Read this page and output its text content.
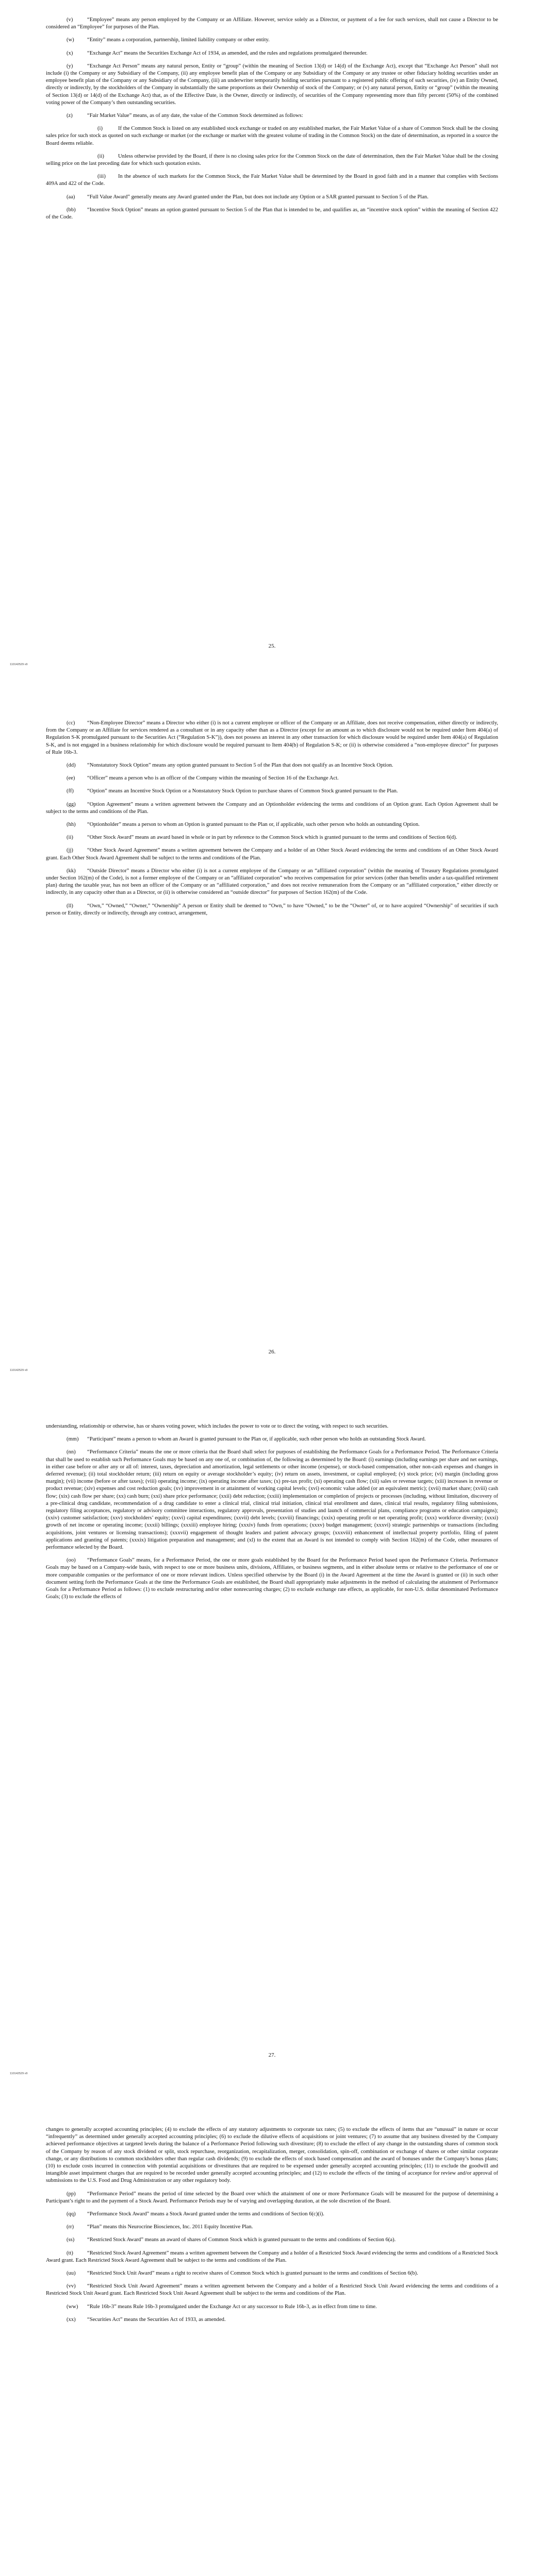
(v)	“Employee” means any person employed by the Company or an Affiliate. However, service solely as a Director, or payment of a fee for such services, shall not cause a Director to be considered an “Employee” for purposes of the Plan.

(w) “Entity” means a corporation, partnership, limited liability company or other entity.

(x)	“Exchange Act” means the Securities Exchange Act of 1934, as amended, and the rules and regulations promulgated thereunder.

(y)	“Exchange Act Person” means any natural person, Entity or “group” (within the meaning of Section 13(d) or 14(d) of the Exchange Act), except that “Exchange Act Person” shall not include (i) the Company or any Subsidiary of the Company, (ii) any employee benefit plan of the Company or any Subsidiary of the Company or any trustee or other fiduciary holding securities under an employee benefit plan of the Company or any Subsidiary of the Company, (iii) an underwriter temporarily holding securities pursuant to a registered public offering of such securities, (iv) an Entity Owned, directly or indirectly, by the stockholders of the Company in substantially the same proportions as their Ownership of stock of the Company; or (v) any natural person, Entity or “group” (within the meaning of Section 13(d) or 14(d) of the Exchange Act) that, as of the Effective Date, is the Owner, directly or indirectly, of securities of the Company representing more than fifty percent (50%) of the combined voting power of the Company’s then outstanding securities.

(z)	“Fair Market Value” means, as of any date, the value of the Common Stock determined as follows:

(i)	If the Common Stock is listed on any established stock exchange or traded on any established market, the Fair Market Value of a share of Common Stock shall be the closing sales price for such stock as quoted on such exchange or market (or the exchange or market with the greatest volume of trading in the Common Stock) on the date of determination, as reported in a source the Board deems reliable.

(ii)	Unless otherwise provided by the Board, if there is no closing sales price for the Common Stock on the date of determination, then the Fair Market Value shall be the closing selling price on the last preceding date for which such quotation exists.

(iii) In the absence of such markets for the Common Stock, the Fair Market Value shall be determined by the Board in good faith and in a manner that complies with Sections 409A and 422 of the Code.

(aa) “Full Value Award” generally means any Award granted under the Plan, but does not include any Option or a SAR granted pursuant to Section 5 of the Plan.

(bb) “Incentive Stock Option” means an option granted pursuant to Section 5 of the Plan that is intended to be, and qualifies as, an “incentive stock option” within the meaning of Section 422 of the Code.

25.
110142529 v9

(cc) “Non-Employee Director” means a Director who either (i) is not a current employee or officer of the Company or an Affiliate, does not receive compensation, either directly or indirectly, from the Company or an Affiliate for services rendered as a consultant or in any capacity other than as a Director (except for an amount as to which disclosure would not be required under Item 404(a) of Regulation S-K promulgated pursuant to the Securities Act (“Regulation S-K”)), does not possess an interest in any other transaction for which disclosure would be required under Item 404(a) of Regulation S-K, and is not engaged in a business relationship for which disclosure would be required pursuant to Item 404(b) of Regulation S-K; or (ii) is otherwise considered a “non-employee director” for purposes of Rule 16b-3.

(dd) “Nonstatutory Stock Option” means any option granted pursuant to Section 5 of the Plan that does not qualify as an Incentive Stock Option.

(ee) “Officer” means a person who is an officer of the Company within the meaning of Section 16 of the Exchange Act.

(ff) “Option” means an Incentive Stock Option or a Nonstatutory Stock Option to purchase shares of Common Stock granted pursuant to the Plan.

(gg) “Option Agreement” means a written agreement between the Company and an Optionholder evidencing the terms and conditions of an Option grant. Each Option Agreement shall be subject to the terms and conditions of the Plan.

(hh) “Optionholder” means a person to whom an Option is granted pursuant to the Plan or, if applicable, such other person who holds an outstanding Option.

(ii)	“Other Stock Award” means an award based in whole or in part by reference to the Common Stock which is granted pursuant to the terms and conditions of Section 6(d).

(jj)	“Other Stock Award Agreement” means a written agreement between the Company and a holder of an Other Stock Award evidencing the terms and conditions of an Other Stock Award grant. Each Other Stock Award Agreement shall be subject to the terms and conditions of the Plan.

(kk) “Outside Director” means a Director who either (i) is not a current employee of the Company or an “affiliated corporation” (within the meaning of Treasury Regulations promulgated under Section 162(m) of the Code), is not a former employee of the Company or an “affiliated corporation” who receives compensation for prior services (other than benefits under a tax-qualified retirement plan) during the taxable year, has not been an officer of the Company or an “affiliated corporation,” and does not receive remuneration from the Company or an “affiliated corporation,” either directly or indirectly, in any capacity other than as a Director, or (ii) is otherwise considered an “outside director” for purposes of Section 162(m) of the Code.

(ll)	“Own,” “Owned,” “Owner,” “Ownership” A person or Entity shall be deemed to “Own,” to have “Owned,” to be the “Owner” of, or to have acquired “Ownership” of securities if such person or Entity, directly or indirectly, through any contract, arrangement,

26.
110142529 v9

understanding, relationship or otherwise, has or shares voting power, which includes the power to vote or to direct the voting, with respect to such securities.

(mm) “Participant” means a person to whom an Award is granted pursuant to the Plan or, if applicable, such other person who holds an outstanding Stock Award.

(nn) “Performance Criteria” means the one or more criteria that the Board shall select for purposes of establishing the Performance Goals for a Performance Period. The Performance Criteria that shall be used to establish such Performance Goals may be based on any one of, or combination of, the following as determined by the Board: (i) earnings (including earnings per share and net earnings, in either case before or after any or all of: interest, taxes, depreciation and amortization, legal settlements or other income (expense), or stock-based compensation, other non-cash expenses and changes in deferred revenue); (ii) total stockholder return; (iii) return on equity or average stockholder’s equity; (iv) return on assets, investment, or capital employed; (v) stock price; (vi) margin (including gross margin); (vii) income (before or after taxes); (viii) operating income; (ix) operating income after taxes; (x) pre-tax profit; (xi) operating cash flow; (xii) sales or revenue targets; (xiii) increases in revenue or product revenue; (xiv) expenses and cost reduction goals; (xv) improvement in or attainment of working capital levels; (xvi) economic value added (or an equivalent metric); (xvii) market share; (xviii) cash flow; (xix) cash flow per share; (xx) cash burn; (xxi) share price performance; (xxii) debt reduction; (xxiii) implementation or completion of projects or processes (including, without limitation, discovery of a pre-clinical drug candidate, recommendation of a drug candidate to enter a clinical trial, clinical trial initiation, clinical trial enrollment and dates, clinical trial results, regulatory filing submissions, regulatory filing acceptances, regulatory or advisory committee interactions, regulatory approvals, presentation of studies and launch of commercial plans, compliance programs or education campaigns); (xxiv) customer satisfaction; (xxv) stockholders’ equity; (xxvi) capital expenditures; (xxvii) debt levels; (xxviii) financings; (xxix) operating profit or net operating profit; (xxx) workforce diversity; (xxxi) growth of net income or operating income; (xxxii) billings; (xxxiii) employee hiring; (xxxiv) funds from operations; (xxxv) budget management; (xxxvi) strategic partnerships or transactions (including acquisitions, joint ventures or licensing transactions); (xxxvii) engagement of thought leaders and patient advocacy groups; (xxxviii) enhancement of intellectual property portfolio, filing of patent applications and granting of patents; (xxxix) litigation preparation and management; and (xl) to the extent that an Award is not intended to comply with Section 162(m) of the Code, other measures of performance selected by the Board.

(oo) “Performance Goals” means, for a Performance Period, the one or more goals established by the Board for the Performance Period based upon the Performance Criteria. Performance Goals may be based on a Company-wide basis, with respect to one or more business units, divisions, Affiliates, or business segments, and in either absolute terms or relative to the performance of one or more comparable companies or the performance of one or more relevant indices. Unless specified otherwise by the Board (i) in the Award Agreement at the time the Award is granted or (ii) in such other document setting forth the Performance Goals at the time the Performance Goals are established, the Board shall appropriately make adjustments in the method of calculating the attainment of Performance Goals for a Performance Period as follows: (1) to exclude restructuring and/or other nonrecurring charges; (2) to exclude exchange rate effects, as applicable, for non-U.S. dollar denominated Performance Goals; (3) to exclude the effects of

27.
110142529 v9

changes to generally accepted accounting principles; (4) to exclude the effects of any statutory adjustments to corporate tax rates; (5) to exclude the effects of items that are “unusual” in nature or occur “infrequently” as determined under generally accepted accounting principles; (6) to exclude the dilutive effects of acquisitions or joint ventures; (7) to assume that any business divested by the Company achieved performance objectives at targeted levels during the balance of a Performance Period following such divestiture; (8) to exclude the effect of any change in the outstanding shares of common stock of the Company by reason of any stock dividend or split, stock repurchase, reorganization, recapitalization, merger, consolidation, spin-off, combination or exchange of shares or other similar corporate change, or any distributions to common stockholders other than regular cash dividends; (9) to exclude the effects of stock based compensation and the award of bonuses under the Company’s bonus plans; (10) to exclude costs incurred in connection with potential acquisitions or divestitures that are required to be expensed under generally accepted accounting principles; (11) to exclude the goodwill and intangible asset impairment charges that are required to be recorded under generally accepted accounting principles; and (12) to exclude the effects of the timing of acceptance for review and/or approval of submissions to the U.S. Food and Drug Administration or any other regulatory body.

(pp) “Performance Period” means the period of time selected by the Board over which the attainment of one or more Performance Goals will be measured for the purpose of determining a Participant’s right to and the payment of a Stock Award. Performance Periods may be of varying and overlapping duration, at the sole discretion of the Board.

(qq) “Performance Stock Award” means a Stock Award granted under the terms and conditions of Section 6(c)(i).

(rr) “Plan” means this Neurocrine Biosciences, Inc. 2011 Equity Incentive Plan.

(ss) “Restricted Stock Award” means an award of shares of Common Stock which is granted pursuant to the terms and conditions of Section 6(a).

(tt)	“Restricted Stock Award Agreement” means a written agreement between the Company and a holder of a Restricted Stock Award evidencing the terms and conditions of a Restricted Stock Award grant. Each Restricted Stock Award Agreement shall be subject to the terms and conditions of the Plan.

(uu) “Restricted Stock Unit Award” means a right to receive shares of Common Stock which is granted pursuant to the terms and conditions of Section 6(b).

(vv) “Restricted Stock Unit Award Agreement” means a written agreement between the Company and a holder of a Restricted Stock Unit Award evidencing the terms and conditions of a Restricted Stock Unit Award grant. Each Restricted Stock Unit Award Agreement shall be subject to the terms and conditions of the Plan.

(ww) “Rule 16b-3” means Rule 16b-3 promulgated under the Exchange Act or any successor to Rule 16b-3, as in effect from time to time.

(xx) “Securities Act” means the Securities Act of 1933, as amended.
